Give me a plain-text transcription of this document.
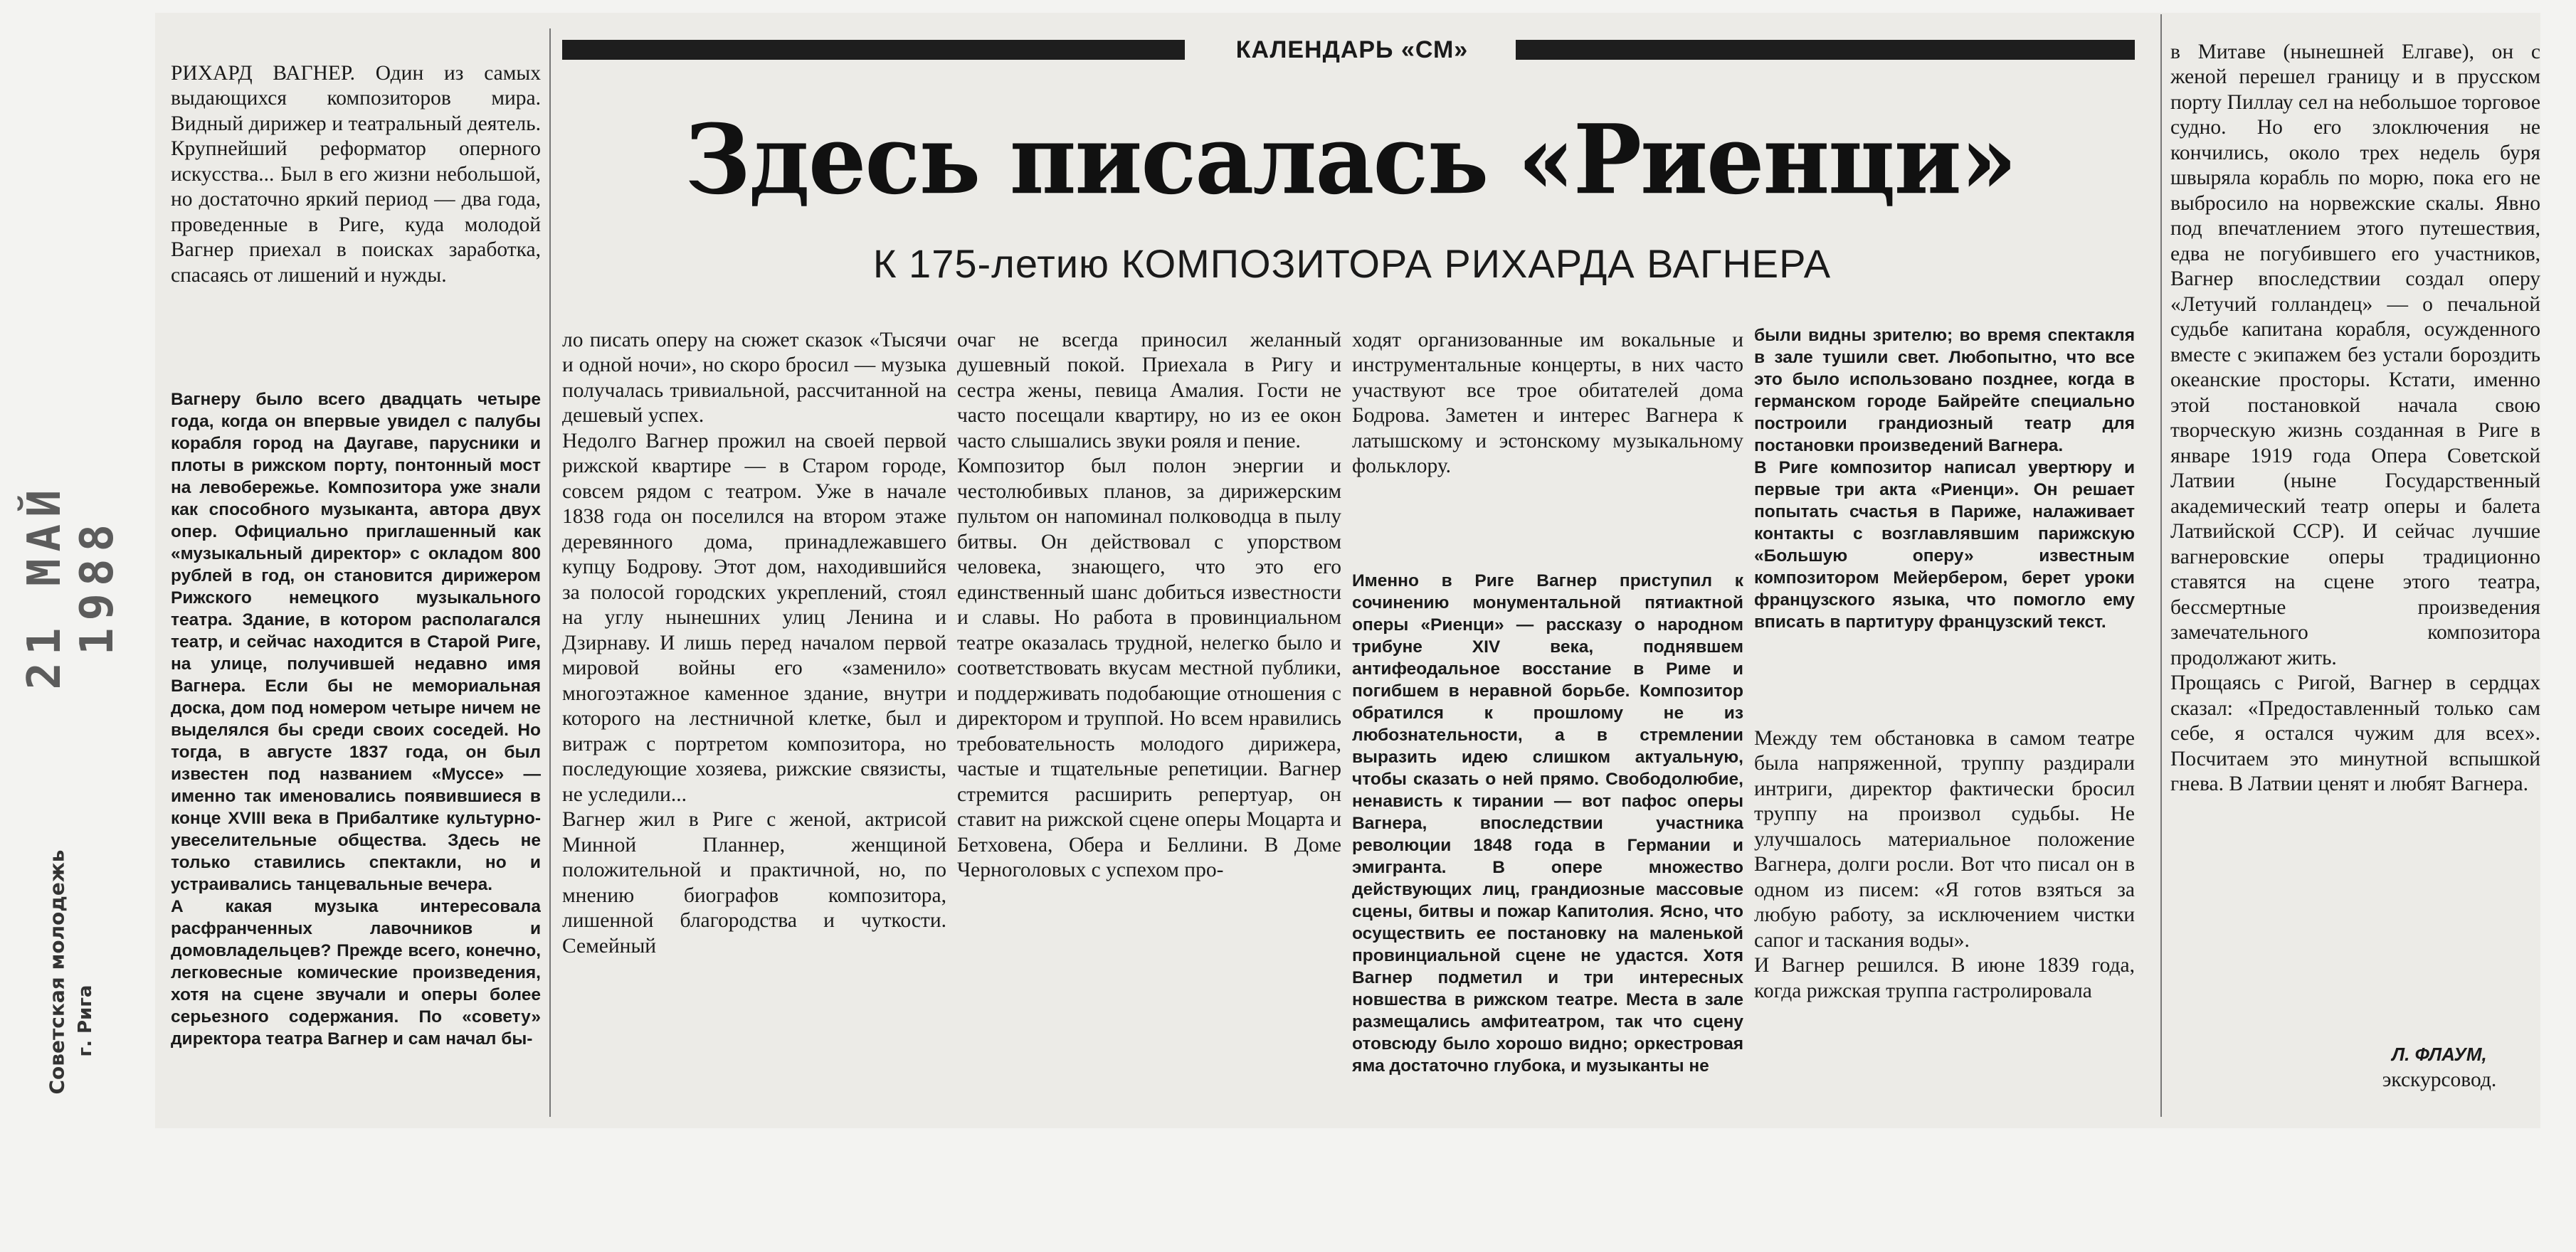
21 МАЙ 1988
Советская молодежь г. Рига

РИХАРД ВАГНЕР. Один из самых выдающихся композиторов мира. Видный дирижер и театральный деятель. Крупнейший реформатор оперного искусства... Был в его жизни небольшой, но достаточно яркий период — два года, проведенные в Риге, куда молодой Вагнер приехал в поисках заработка, спасаясь от лишений и нужды.

Вагнеру было всего двадцать четыре года, когда он впервые увидел с палубы корабля город на Даугаве, парусники и плоты в рижском порту, понтонный мост на левобережье. Композитора уже знали как способного музыканта, автора двух опер. Официально приглашенный как «музыкальный директор» с окладом 800 рублей в год, он становится дирижером Рижского немецкого музыкального театра. Здание, в котором располагался театр, и сейчас находится в Старой Риге, на улице, получившей недавно имя Вагнера. Если бы не мемориальная доска, дом под номером четыре ничем не выделялся бы среди своих соседей. Но тогда, в августе 1837 года, он был известен под названием «Муссе» — именно так именовались появившиеся в конце XVIII века в Прибалтике культурно-увеселительные общества. Здесь не только ставились спектакли, но и устраивались танцевальные вечера.
А какая музыка интересовала расфранченных лавочников и домовладельцев? Прежде всего, конечно, легковесные комические произведения, хотя на сцене звучали и оперы более серьезного содержания. По «совету» директора театра Вагнер и сам начал бы-

КАЛЕНДАРЬ «СМ»
Здесь писалась «Риенци»
К 175-летию КОМПОЗИТОРА РИХАРДА ВАГНЕРА

ло писать оперу на сюжет сказок «Тысячи и одной ночи», но скоро бросил — музыка получалась тривиальной, рассчитанной на дешевый успех.
Недолго Вагнер прожил на своей первой рижской квартире — в Старом городе, совсем рядом с театром. Уже в начале 1838 года он поселился на втором этаже деревянного дома, принадлежавшего купцу Бодрову. Этот дом, находившийся за полосой городских укреплений, стоял на углу нынешних улиц Ленина и Дзирнаву. И лишь перед началом первой мировой войны его «заменило» многоэтажное каменное здание, внутри которого на лестничной клетке, был и витраж с портретом композитора, но последующие хозяева, рижские связисты, не уследили...
Вагнер жил в Риге с женой, актрисой Минной Планнер, женщиной положительной и практичной, но, по мнению биографов композитора, лишенной благородства и чуткости. Семейный

очаг не всегда приносил желанный душевный покой. Приехала в Ригу и сестра жены, певица Амалия. Гости не часто посещали квартиру, но из ее окон часто слышались звуки рояля и пение.
Композитор был полон энергии и честолюбивых планов, за дирижерским пультом он напоминал полководца в пылу битвы. Он действовал с упорством человека, знающего, что это его единственный шанс добиться известности и славы. Но работа в провинциальном театре оказалась трудной, нелегко было и соответствовать вкусам местной публики, и поддерживать подобающие отношения с директором и труппой. Но всем нравились требовательность молодого дирижера, частые и тщательные репетиции. Вагнер стремится расширить репертуар, он ставит на рижской сцене оперы Моцарта и Бетховена, Обера и Беллини. В Доме Черноголовых с успехом про-

ходят организованные им вокальные и инструментальные концерты, в них часто участвуют все трое обитателей дома Бодрова. Заметен и интерес Вагнера к латышскому и эстонскому музыкальному фольклору.

Именно в Риге Вагнер приступил к сочинению монументальной пятиактной оперы «Риенци» — рассказу о народном трибуне XIV века, поднявшем антифеодальное восстание в Риме и погибшем в неравной борьбе. Композитор обратился к прошлому не из любознательности, а в стремлении выразить идею слишком актуальную, чтобы сказать о ней прямо. Свободолюбие, ненависть к тирании — вот пафос оперы Вагнера, впоследствии участника революции 1848 года в Германии и эмигранта. В опере множество действующих лиц, грандиозные массовые сцены, битвы и пожар Капитолия. Ясно, что осуществить ее постановку на маленькой провинциальной сцене не удастся. Хотя Вагнер подметил и три интересных новшества в рижском театре. Места в зале размещались амфитеатром, так что сцену отовсюду было хорошо видно; оркестровая яма достаточно глубока, и музыканты не

были видны зрителю; во время спектакля в зале тушили свет. Любопытно, что все это было использовано позднее, когда в германском городе Байрейте специально построили грандиозный театр для постановки произведений Вагнера.
В Риге композитор написал увертюру и первые три акта «Риенци». Он решает попытать счастья в Париже, налаживает контакты с возглавлявшим парижскую «Большую оперу» известным композитором Мейербером, берет уроки французского языка, что помогло ему вписать в партитуру французский текст.

Между тем обстановка в самом театре была напряженной, труппу раздирали интриги, директор фактически бросил труппу на произвол судьбы. Не улучшалось материальное положение Вагнера, долги росли. Вот что писал он в одном из писем: «Я готов взяться за любую работу, за исключением чистки сапог и таскания воды».
И Вагнер решился. В июне 1839 года, когда рижская труппа гастролировала

в Митаве (нынешней Елгаве), он с женой перешел границу и в прусском порту Пиллау сел на небольшое торговое судно. Но его злоключения не кончились, около трех недель буря швыряла корабль по морю, пока его не выбросило на норвежские скалы. Явно под впечатлением этого путешествия, едва не погубившего его участников, Вагнер впоследствии создал оперу «Летучий голландец» — о печальной судьбе капитана корабля, осужденного вместе с экипажем без устали бороздить океанские просторы. Кстати, именно этой постановкой начала свою творческую жизнь созданная в Риге в январе 1919 года Опера Советской Латвии (ныне Государственный академический театр оперы и балета Латвийской ССР). И сейчас лучшие вагнеровские оперы традиционно ставятся на сцене этого театра, бессмертные произведения замечательного композитора продолжают жить.
Прощаясь с Ригой, Вагнер в сердцах сказал: «Предоставленный только сам себе, я остался чужим для всех». Посчитаем это минутной вспышкой гнева. В Латвии ценят и любят Вагнера.

Л. ФЛАУМ,
экскурсовод.
